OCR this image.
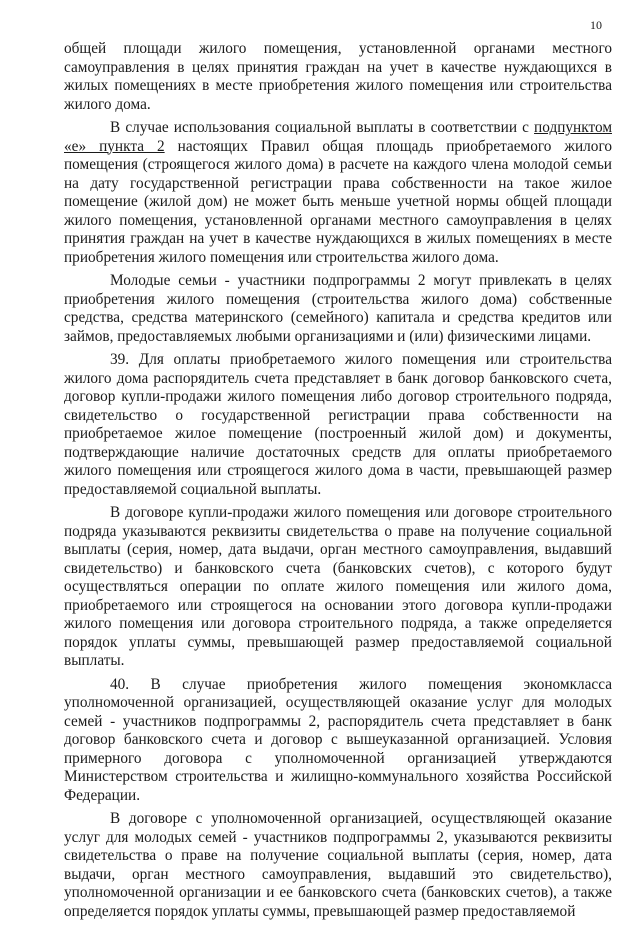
10

общей площади жилого помещения, установленной органами местного самоуправления в целях принятия граждан на учет в качестве нуждающихся в жилых помещениях в месте приобретения жилого помещения или строительства жилого дома.

В случае использования социальной выплаты в соответствии с подпунктом «е» пункта 2 настоящих Правил общая площадь приобретаемого жилого помещения (строящегося жилого дома) в расчете на каждого члена молодой семьи на дату государственной регистрации права собственности на такое жилое помещение (жилой дом) не может быть меньше учетной нормы общей площади жилого помещения, установленной органами местного самоуправления в целях принятия граждан на учет в качестве нуждающихся в жилых помещениях в месте приобретения жилого помещения или строительства жилого дома.

Молодые семьи - участники подпрограммы 2 могут привлекать в целях приобретения жилого помещения (строительства жилого дома) собственные средства, средства материнского (семейного) капитала и средства кредитов или займов, предоставляемых любыми организациями и (или) физическими лицами.

39. Для оплаты приобретаемого жилого помещения или строительства жилого дома распорядитель счета представляет в банк договор банковского счета, договор купли-продажи жилого помещения либо договор строительного подряда, свидетельство о государственной регистрации права собственности на приобретаемое жилое помещение (построенный жилой дом) и документы, подтверждающие наличие достаточных средств для оплаты приобретаемого жилого помещения или строящегося жилого дома в части, превышающей размер предоставляемой социальной выплаты.

В договоре купли-продажи жилого помещения или договоре строительного подряда указываются реквизиты свидетельства о праве на получение социальной выплаты (серия, номер, дата выдачи, орган местного самоуправления, выдавший свидетельство) и банковского счета (банковских счетов), с которого будут осуществляться операции по оплате жилого помещения или жилого дома, приобретаемого или строящегося на основании этого договора купли-продажи жилого помещения или договора строительного подряда, а также определяется порядок уплаты суммы, превышающей размер предоставляемой социальной выплаты.

40. В случае приобретения жилого помещения экономкласса уполномоченной организацией, осуществляющей оказание услуг для молодых семей - участников подпрограммы 2, распорядитель счета представляет в банк договор банковского счета и договор с вышеуказанной организацией. Условия примерного договора с уполномоченной организацией утверждаются Министерством строительства и жилищно-коммунального хозяйства Российской Федерации.

В договоре с уполномоченной организацией, осуществляющей оказание услуг для молодых семей - участников подпрограммы 2, указываются реквизиты свидетельства о праве на получение социальной выплаты (серия, номер, дата выдачи, орган местного самоуправления, выдавший это свидетельство), уполномоченной организации и ее банковского счета (банковских счетов), а также определяется порядок уплаты суммы, превышающей размер предоставляемой
